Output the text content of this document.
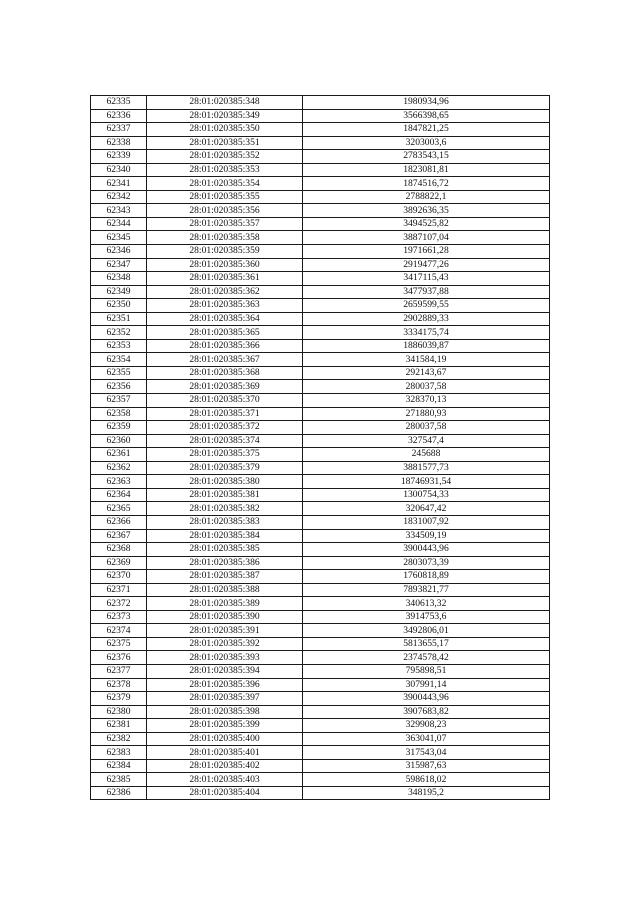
62335	28:01:020385:348	1980934,96
62336	28:01:020385:349	3566398,65
62337	28:01:020385:350	1847821,25
62338	28:01:020385:351	3203003,6
62339	28:01:020385:352	2783543,15
62340	28:01:020385:353	1823081,81
62341	28:01:020385:354	1874516,72
62342	28:01:020385:355	2788822,1
62343	28:01:020385:356	3892636,35
62344	28:01:020385:357	3494525,82
62345	28:01:020385:358	3887107,04
62346	28:01:020385:359	1971661,28
62347	28:01:020385:360	2919477,26
62348	28:01:020385:361	3417115,43
62349	28:01:020385:362	3477937,88
62350	28:01:020385:363	2659599,55
62351	28:01:020385:364	2902889,33
62352	28:01:020385:365	3334175,74
62353	28:01:020385:366	1886039,87
62354	28:01:020385:367	341584,19
62355	28:01:020385:368	292143,67
62356	28:01:020385:369	280037,58
62357	28:01:020385:370	328370,13
62358	28:01:020385:371	271880,93
62359	28:01:020385:372	280037,58
62360	28:01:020385:374	327547,4
62361	28:01:020385:375	245688
62362	28:01:020385:379	3881577,73
62363	28:01:020385:380	18746931,54
62364	28:01:020385:381	1300754,33
62365	28:01:020385:382	320647,42
62366	28:01:020385:383	1831007,92
62367	28:01:020385:384	334509,19
62368	28:01:020385:385	3900443,96
62369	28:01:020385:386	2803073,39
62370	28:01:020385:387	1760818,89
62371	28:01:020385:388	7893821,77
62372	28:01:020385:389	340613,32
62373	28:01:020385:390	3914753,6
62374	28:01:020385:391	3492806,01
62375	28:01:020385:392	5813655,17
62376	28:01:020385:393	2374578,42
62377	28:01:020385:394	795898,51
62378	28:01:020385:396	307991,14
62379	28:01:020385:397	3900443,96
62380	28:01:020385:398	3907683,82
62381	28:01:020385:399	329908,23
62382	28:01:020385:400	363041,07
62383	28:01:020385:401	317543,04
62384	28:01:020385:402	315987,63
62385	28:01:020385:403	598618,02
62386	28:01:020385:404	348195,2
